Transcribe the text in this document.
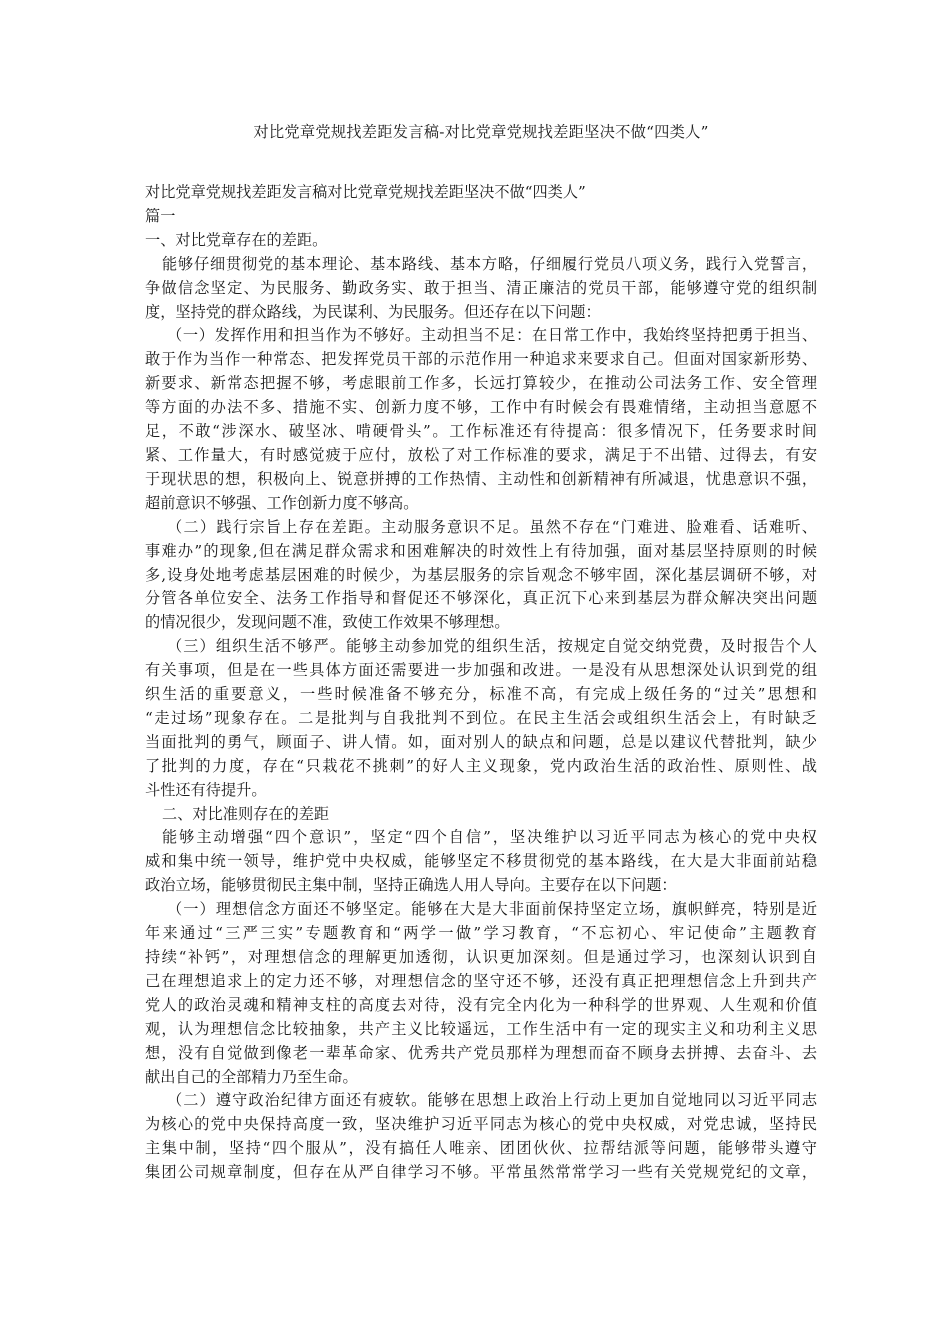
对比党章党规找差距发言稿-对比党章党规找差距坚决不做“四类人”
对比党章党规找差距发言稿对比党章党规找差距坚决不做“四类人”
篇一
一、对比党章存在的差距。
能够仔细贯彻党的基本理论、基本路线、基本方略，仔细履行党员八项义务，践行入党誓言，
争做信念坚定、为民服务、勤政务实、敢于担当、清正廉洁的党员干部，能够遵守党的组织制
度，坚持党的群众路线，为民谋利、为民服务。但还存在以下问题：
（一）发挥作用和担当作为不够好。主动担当不足：在日常工作中，我始终坚持把勇于担当、
敢于作为当作一种常态、把发挥党员干部的示范作用一种追求来要求自己。但面对国家新形势、
新要求、新常态把握不够，考虑眼前工作多，长远打算较少，在推动公司法务工作、安全管理
等方面的办法不多、措施不实、创新力度不够，工作中有时候会有畏难情绪，主动担当意愿不
足，不敢“涉深水、破坚冰、啃硬骨头”。工作标准还有待提高：很多情况下，任务要求时间
紧、工作量大，有时感觉疲于应付，放松了对工作标准的要求，满足于不出错、过得去，有安
于现状思的想，积极向上、锐意拼搏的工作热情、主动性和创新精神有所减退，忧患意识不强，
超前意识不够强、工作创新力度不够高。
（二）践行宗旨上存在差距。主动服务意识不足。虽然不存在“门难进、脸难看、话难听、
事难办”的现象,但在满足群众需求和困难解决的时效性上有待加强，面对基层坚持原则的时候
多,设身处地考虑基层困难的时候少，为基层服务的宗旨观念不够牢固，深化基层调研不够，对
分管各单位安全、法务工作指导和督促还不够深化，真正沉下心来到基层为群众解决突出问题
的情况很少，发现问题不准，致使工作效果不够理想。
（三）组织生活不够严。能够主动参加党的组织生活，按规定自觉交纳党费，及时报告个人
有关事项，但是在一些具体方面还需要进一步加强和改进。一是没有从思想深处认识到党的组
织生活的重要意义，一些时候准备不够充分，标准不高，有完成上级任务的“过关”思想和
“走过场”现象存在。二是批判与自我批判不到位。在民主生活会或组织生活会上，有时缺乏
当面批判的勇气，顾面子、讲人情。如，面对别人的缺点和问题，总是以建议代替批判，缺少
了批判的力度，存在“只栽花不挑刺”的好人主义现象，党内政治生活的政治性、原则性、战
斗性还有待提升。
二、对比准则存在的差距
能够主动增强“四个意识”，坚定“四个自信”，坚决维护以习近平同志为核心的党中央权
威和集中统一领导，维护党中央权威，能够坚定不移贯彻党的基本路线，在大是大非面前站稳
政治立场，能够贯彻民主集中制，坚持正确选人用人导向。主要存在以下问题：
（一）理想信念方面还不够坚定。能够在大是大非面前保持坚定立场，旗帜鲜亮，特别是近
年来通过“三严三实”专题教育和“两学一做”学习教育，“不忘初心、牢记使命”主题教育
持续“补钙”，对理想信念的理解更加透彻，认识更加深刻。但是通过学习，也深刻认识到自
己在理想追求上的定力还不够，对理想信念的坚守还不够，还没有真正把理想信念上升到共产
党人的政治灵魂和精神支柱的高度去对待，没有完全内化为一种科学的世界观、人生观和价值
观，认为理想信念比较抽象，共产主义比较遥远，工作生活中有一定的现实主义和功利主义思
想，没有自觉做到像老一辈革命家、优秀共产党员那样为理想而奋不顾身去拼搏、去奋斗、去
献出自己的全部精力乃至生命。
（二）遵守政治纪律方面还有疲软。能够在思想上政治上行动上更加自觉地同以习近平同志
为核心的党中央保持高度一致，坚决维护习近平同志为核心的党中央权威，对党忠诚，坚持民
主集中制，坚持“四个服从”，没有搞任人唯亲、团团伙伙、拉帮结派等问题，能够带头遵守
集团公司规章制度，但存在从严自律学习不够。平常虽然常常学习一些有关党规党纪的文章，
